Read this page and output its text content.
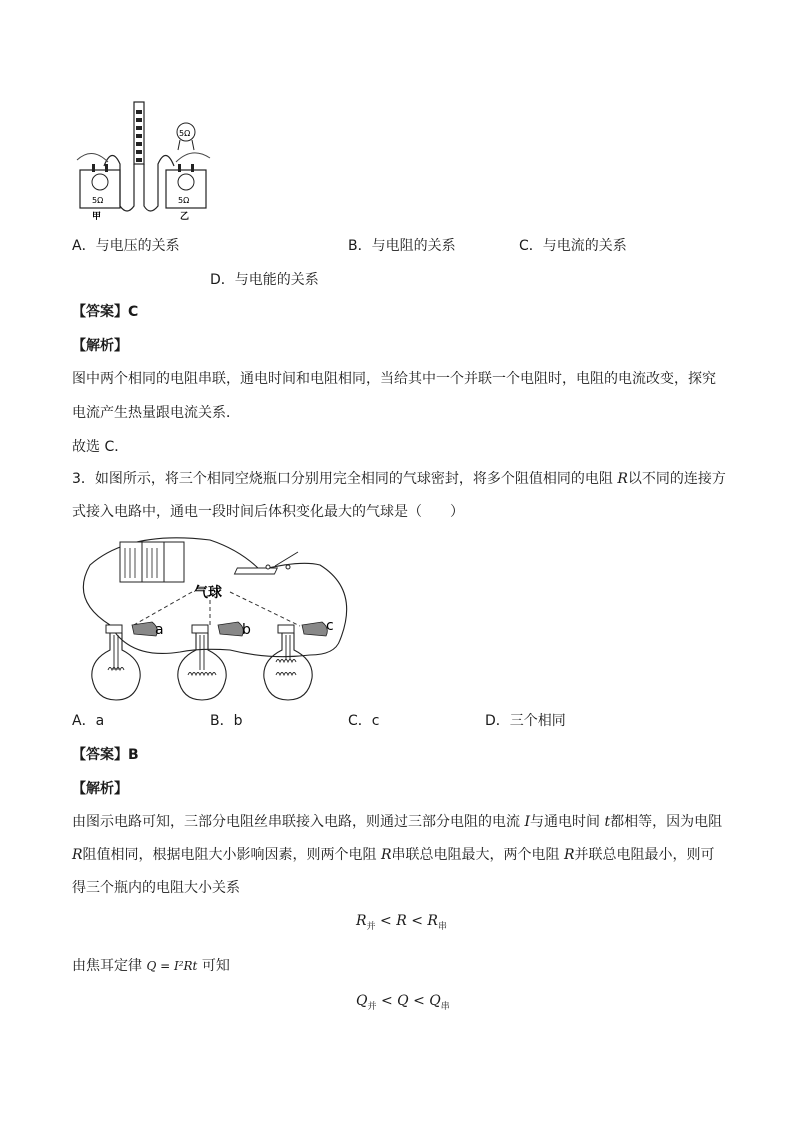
5Ω
5Ω	5Ω
甲	乙
A．与电压的关系	B．与电阻的关系	C．与电流的关系
D．与电能的关系
【答案】C
【解析】
图中两个相同的电阻串联，通电时间和电阻相同，当给其中一个并联一个电阻时，电阻的电流改变，探究
电流产生热量跟电流关系．
故选 C．
3．如图所示，将三个相同空烧瓶口分别用完全相同的气球密封，将多个阻值相同的电阻 R以不同的连接方
式接入电路中，通电一段时间后体积变化最大的气球是（　　）
气球
a	b	c
A．a	B．b	C．c	D．三个相同
【答案】B
【解析】
由图示电路可知，三部分电阻丝串联接入电路，则通过三部分电阻的电流 I与通电时间 t都相等，因为电阻
R阻值相同，根据电阻大小影响因素，则两个电阻 R串联总电阻最大，两个电阻 R并联总电阻最小，则可
得三个瓶内的电阻大小关系
$R_并 < R < R_串$
由焦耳定律 Q = I²Rt 可知
$Q_并 < Q < Q_串$
